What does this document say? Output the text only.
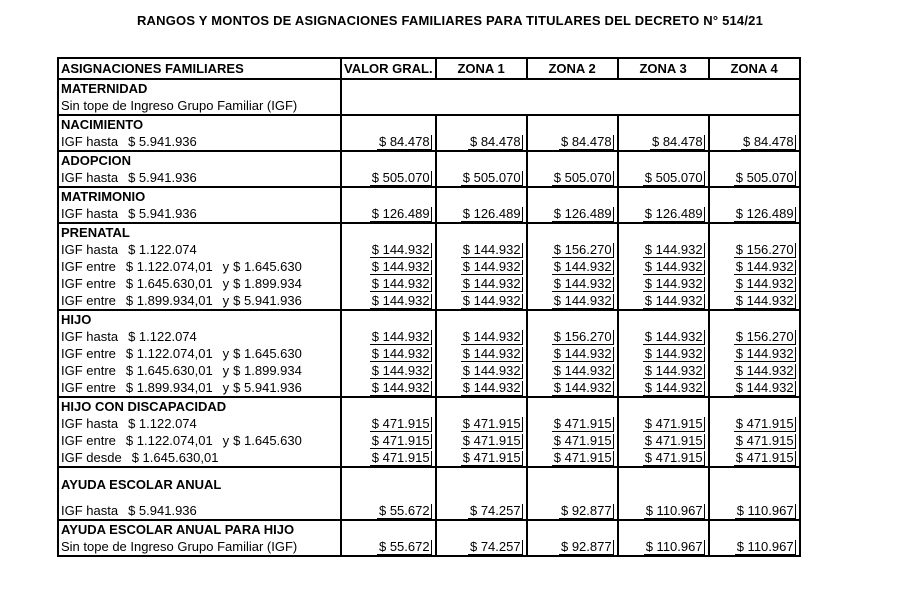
RANGOS Y MONTOS DE ASIGNACIONES FAMILIARES PARA TITULARES DEL DECRETO N° 514/21
ASIGNACIONES FAMILIARES	VALOR GRAL.	ZONA 1	ZONA 2	ZONA 3	ZONA 4
MATERNIDAD					
Sin tope de Ingreso Grupo Familiar (IGF)					
NACIMIENTO					
IGF hasta $ 5.941.936	$ 84.478	$ 84.478	$ 84.478	$ 84.478	$ 84.478
ADOPCION					
IGF hasta $ 5.941.936	$ 505.070	$ 505.070	$ 505.070	$ 505.070	$ 505.070
MATRIMONIO					
IGF hasta $ 5.941.936	$ 126.489	$ 126.489	$ 126.489	$ 126.489	$ 126.489
PRENATAL					
IGF hasta $ 1.122.074	$ 144.932	$ 144.932	$ 156.270	$ 144.932	$ 156.270
IGF entre $ 1.122.074,01 y $ 1.645.630	$ 144.932	$ 144.932	$ 144.932	$ 144.932	$ 144.932
IGF entre $ 1.645.630,01 y $ 1.899.934	$ 144.932	$ 144.932	$ 144.932	$ 144.932	$ 144.932
IGF entre $ 1.899.934,01 y $ 5.941.936	$ 144.932	$ 144.932	$ 144.932	$ 144.932	$ 144.932
HIJO					
IGF hasta $ 1.122.074	$ 144.932	$ 144.932	$ 156.270	$ 144.932	$ 156.270
IGF entre $ 1.122.074,01 y $ 1.645.630	$ 144.932	$ 144.932	$ 144.932	$ 144.932	$ 144.932
IGF entre $ 1.645.630,01 y $ 1.899.934	$ 144.932	$ 144.932	$ 144.932	$ 144.932	$ 144.932
IGF entre $ 1.899.934,01 y $ 5.941.936	$ 144.932	$ 144.932	$ 144.932	$ 144.932	$ 144.932
HIJO CON DISCAPACIDAD					
IGF hasta $ 1.122.074	$ 471.915	$ 471.915	$ 471.915	$ 471.915	$ 471.915
IGF entre $ 1.122.074,01 y $ 1.645.630	$ 471.915	$ 471.915	$ 471.915	$ 471.915	$ 471.915
IGF desde $ 1.645.630,01	$ 471.915	$ 471.915	$ 471.915	$ 471.915	$ 471.915
AYUDA ESCOLAR ANUAL					
IGF hasta $ 5.941.936	$ 55.672	$ 74.257	$ 92.877	$ 110.967	$ 110.967
AYUDA ESCOLAR ANUAL PARA HIJO					
Sin tope de Ingreso Grupo Familiar (IGF)	$ 55.672	$ 74.257	$ 92.877	$ 110.967	$ 110.967
